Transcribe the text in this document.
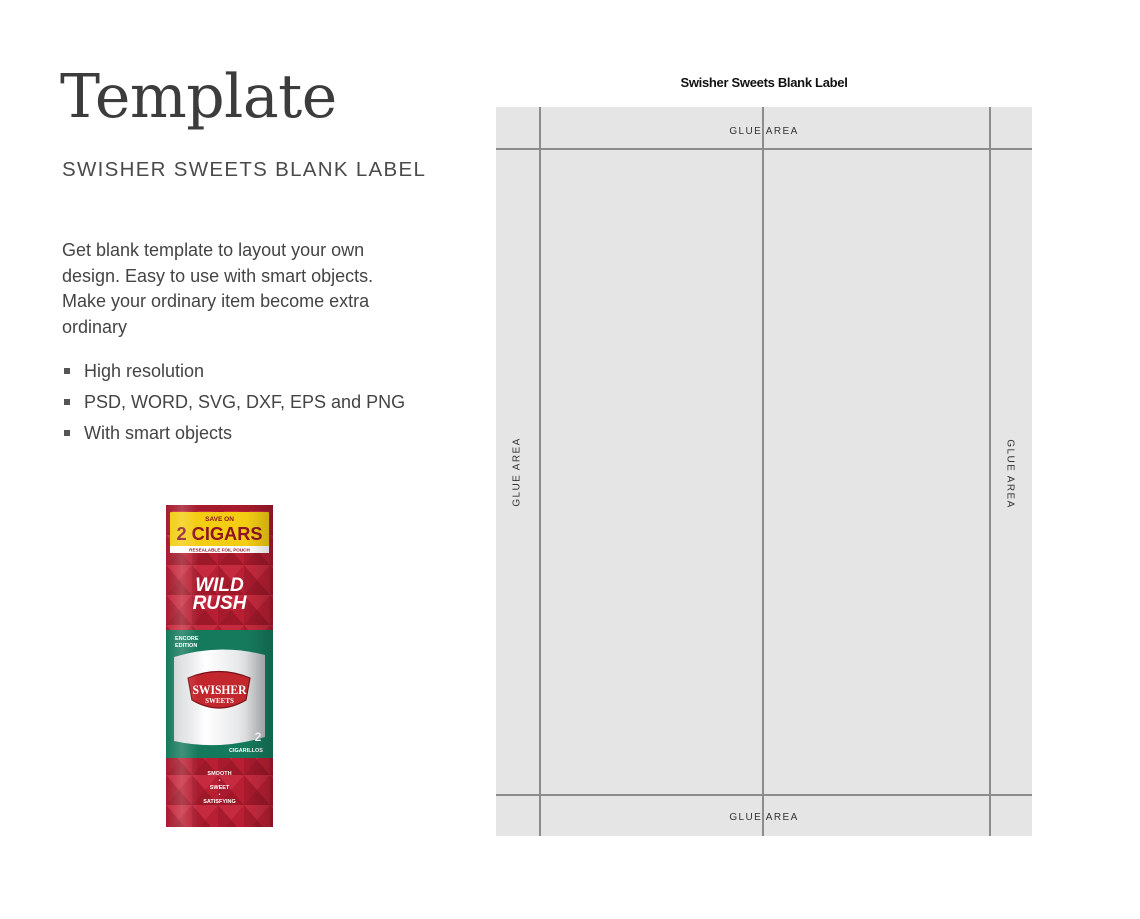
Template
SWISHER SWEETS BLANK LABEL
Get blank template to layout your own design. Easy to use with smart objects. Make your ordinary item become extra ordinary
High resolution
PSD, WORD, SVG, DXF, EPS and PNG
With smart objects
Swisher Sweets Blank Label
GLUE AREA
GLUE AREA
GLUE AREA	GLUE AREA
